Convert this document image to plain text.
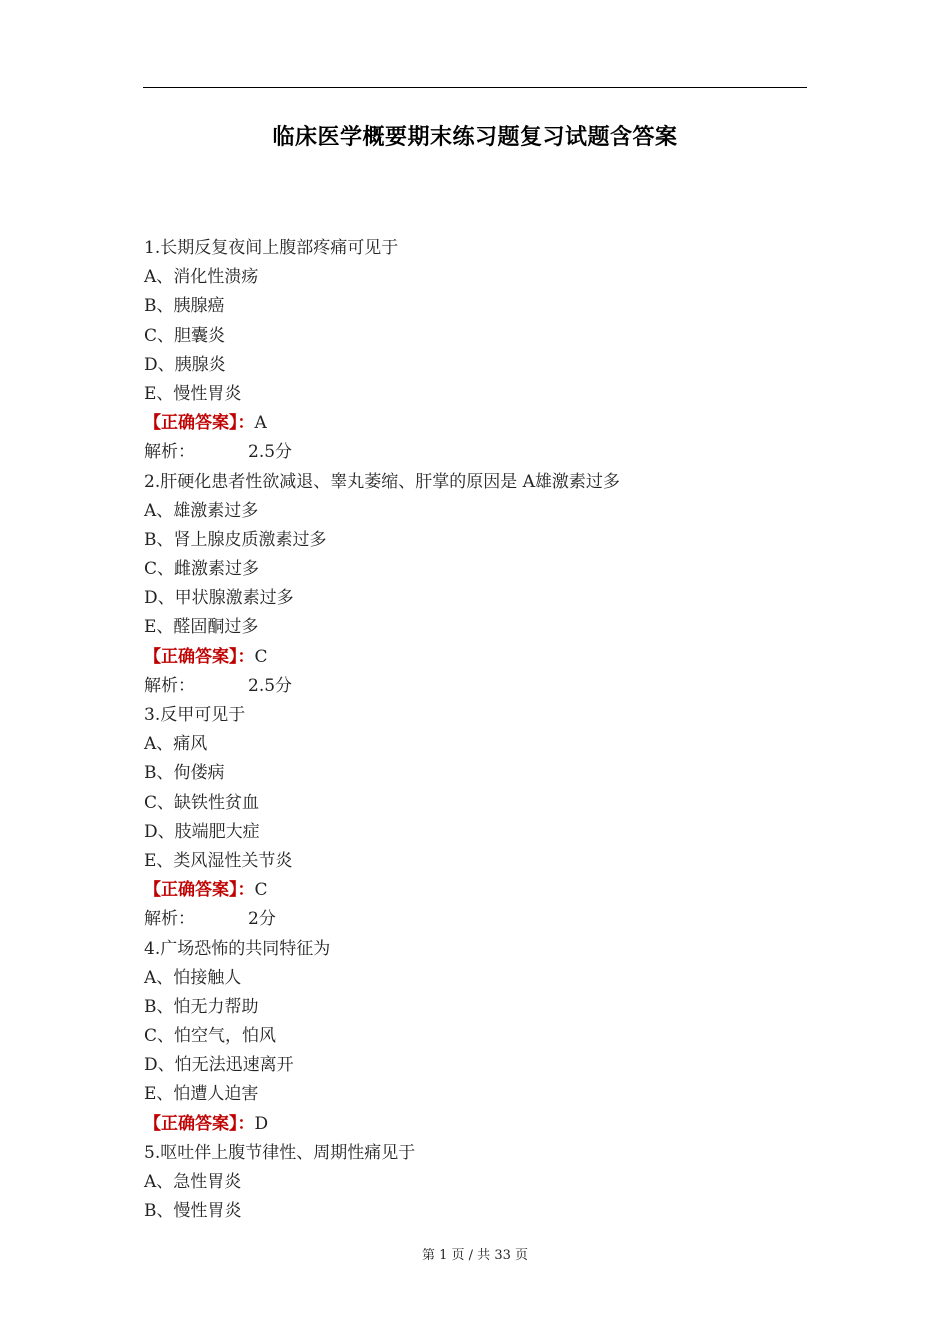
临床医学概要期末练习题复习试题含答案
1.长期反复夜间上腹部疼痛可见于
A、消化性溃疡
B、胰腺癌
C、胆囊炎
D、胰腺炎
E、慢性胃炎
【正确答案】：A
解析：	2.5分
2.肝硬化患者性欲减退、睾丸萎缩、肝掌的原因是 A雄激素过多
A、雄激素过多
B、肾上腺皮质激素过多
C、雌激素过多
D、甲状腺激素过多
E、醛固酮过多
【正确答案】：C
解析：	2.5分
3.反甲可见于
A、痛风
B、佝偻病
C、缺铁性贫血
D、肢端肥大症
E、类风湿性关节炎
【正确答案】：C
解析：	2分
4.广场恐怖的共同特征为
A、怕接触人
B、怕无力帮助
C、怕空气，怕风
D、怕无法迅速离开
E、怕遭人迫害
【正确答案】：D
5.呕吐伴上腹节律性、周期性痛见于
A、急性胃炎
B、慢性胃炎
第 1 页 / 共 33 页
